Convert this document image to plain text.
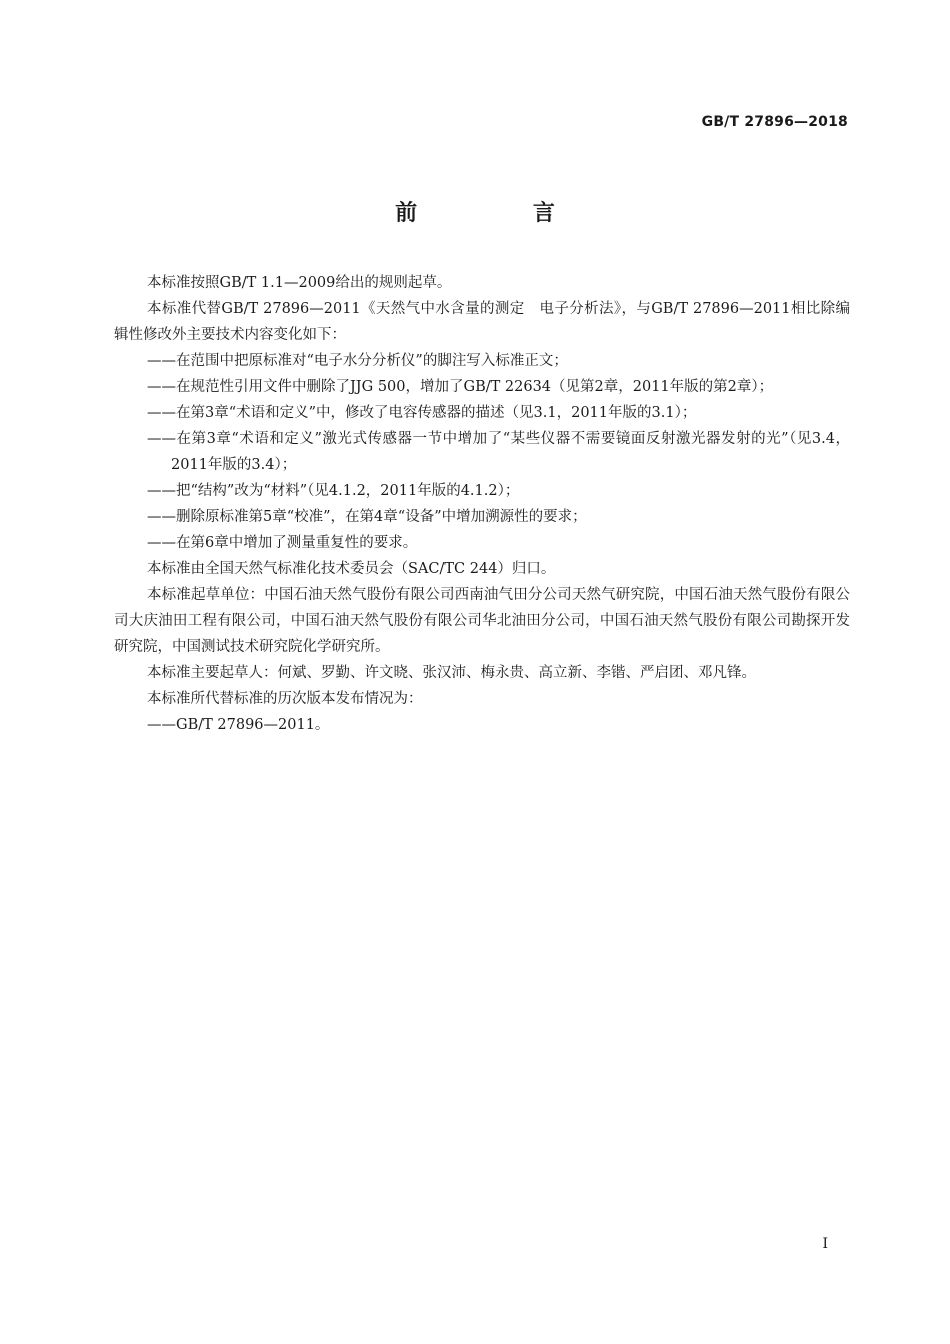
GB/T 27896—2018
前 言

本标准按照GB/T 1.1—2009给出的规则起草。

本标准代替GB/T 27896—2011《天然气中水含量的测定　电子分析法》，与GB/T 27896—2011相比除编辑性修改外主要技术内容变化如下：

——在范围中把原标准对“电子水分分析仪”的脚注写入标准正文；

——在规范性引用文件中删除了JJG 500，增加了GB/T 22634（见第2章，2011年版的第2章）；

——在第3章“术语和定义”中，修改了电容传感器的描述（见3.1，2011年版的3.1）；

——在第3章“术语和定义”激光式传感器一节中增加了“某些仪器不需要镜面反射激光器发射的光”（见3.4，2011年版的3.4）；

——把“结构”改为“材料”（见4.1.2，2011年版的4.1.2）；

——删除原标准第5章“校准”，在第4章“设备”中增加溯源性的要求；

——在第6章中增加了测量重复性的要求。

本标准由全国天然气标准化技术委员会（SAC/TC 244）归口。

本标准起草单位：中国石油天然气股份有限公司西南油气田分公司天然气研究院，中国石油天然气股份有限公司大庆油田工程有限公司，中国石油天然气股份有限公司华北油田分公司，中国石油天然气股份有限公司勘探开发研究院，中国测试技术研究院化学研究所。

本标准主要起草人：何斌、罗勤、许文晓、张汉沛、梅永贵、高立新、李锴、严启团、邓凡锋。

本标准所代替标准的历次版本发布情况为：

——GB/T 27896—2011。

I
